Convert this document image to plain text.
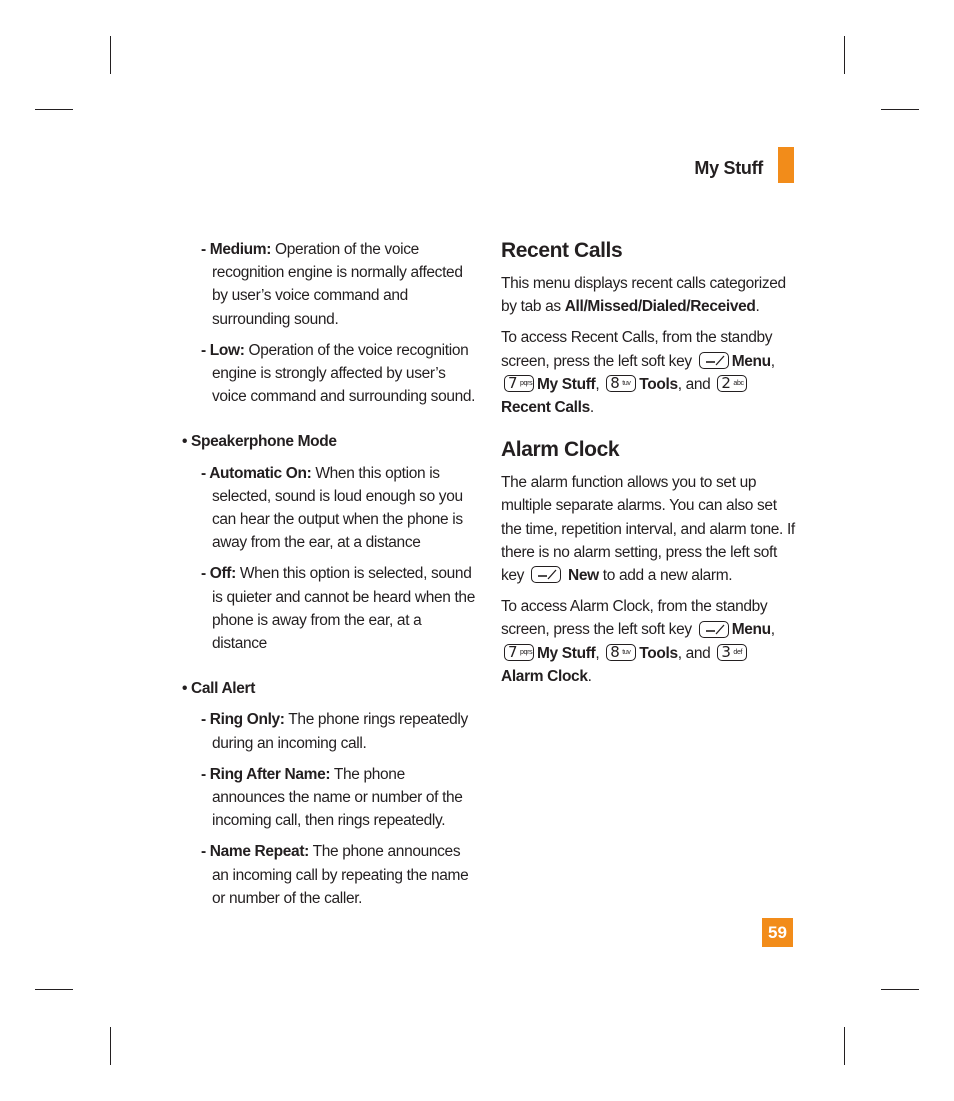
My Stuff
59
- Medium: Operation of the voice recognition engine is normally affected by user’s voice command and surrounding sound.
- Low: Operation of the voice recognition engine is strongly affected by user’s voice command and surrounding sound.
• Speakerphone Mode
- Automatic On: When this option is selected, sound is loud enough so you can hear the output when the phone is away from the ear, at a distance
- Off: When this option is selected, sound is quieter and cannot be heard when the phone is away from the ear, at a distance
• Call Alert
- Ring Only: The phone rings repeatedly during an incoming call.
- Ring After Name: The phone announces the name or number of the incoming call, then rings repeatedly.
- Name Repeat: The phone announces an incoming call by repeating the name or number of the caller.
Recent Calls

This menu displays recent calls categorized by tab as All/Missed/Dialed/Received.

To access Recent Calls, from the standby screen, press the left soft key
Menu,
7 pqrs My Stuff, 8 tuv Tools, and 2 abc
Recent Calls.

Alarm Clock

The alarm function allows you to set up multiple separate alarms. You can also set the time, repetition interval, and alarm tone. If there is no alarm setting, press the left soft key	New to add a new alarm.

To access Alarm Clock, from the standby screen, press the left soft key
Menu,
7 pqrs My Stuff, 8 tuv Tools, and 3 def
Alarm Clock.
